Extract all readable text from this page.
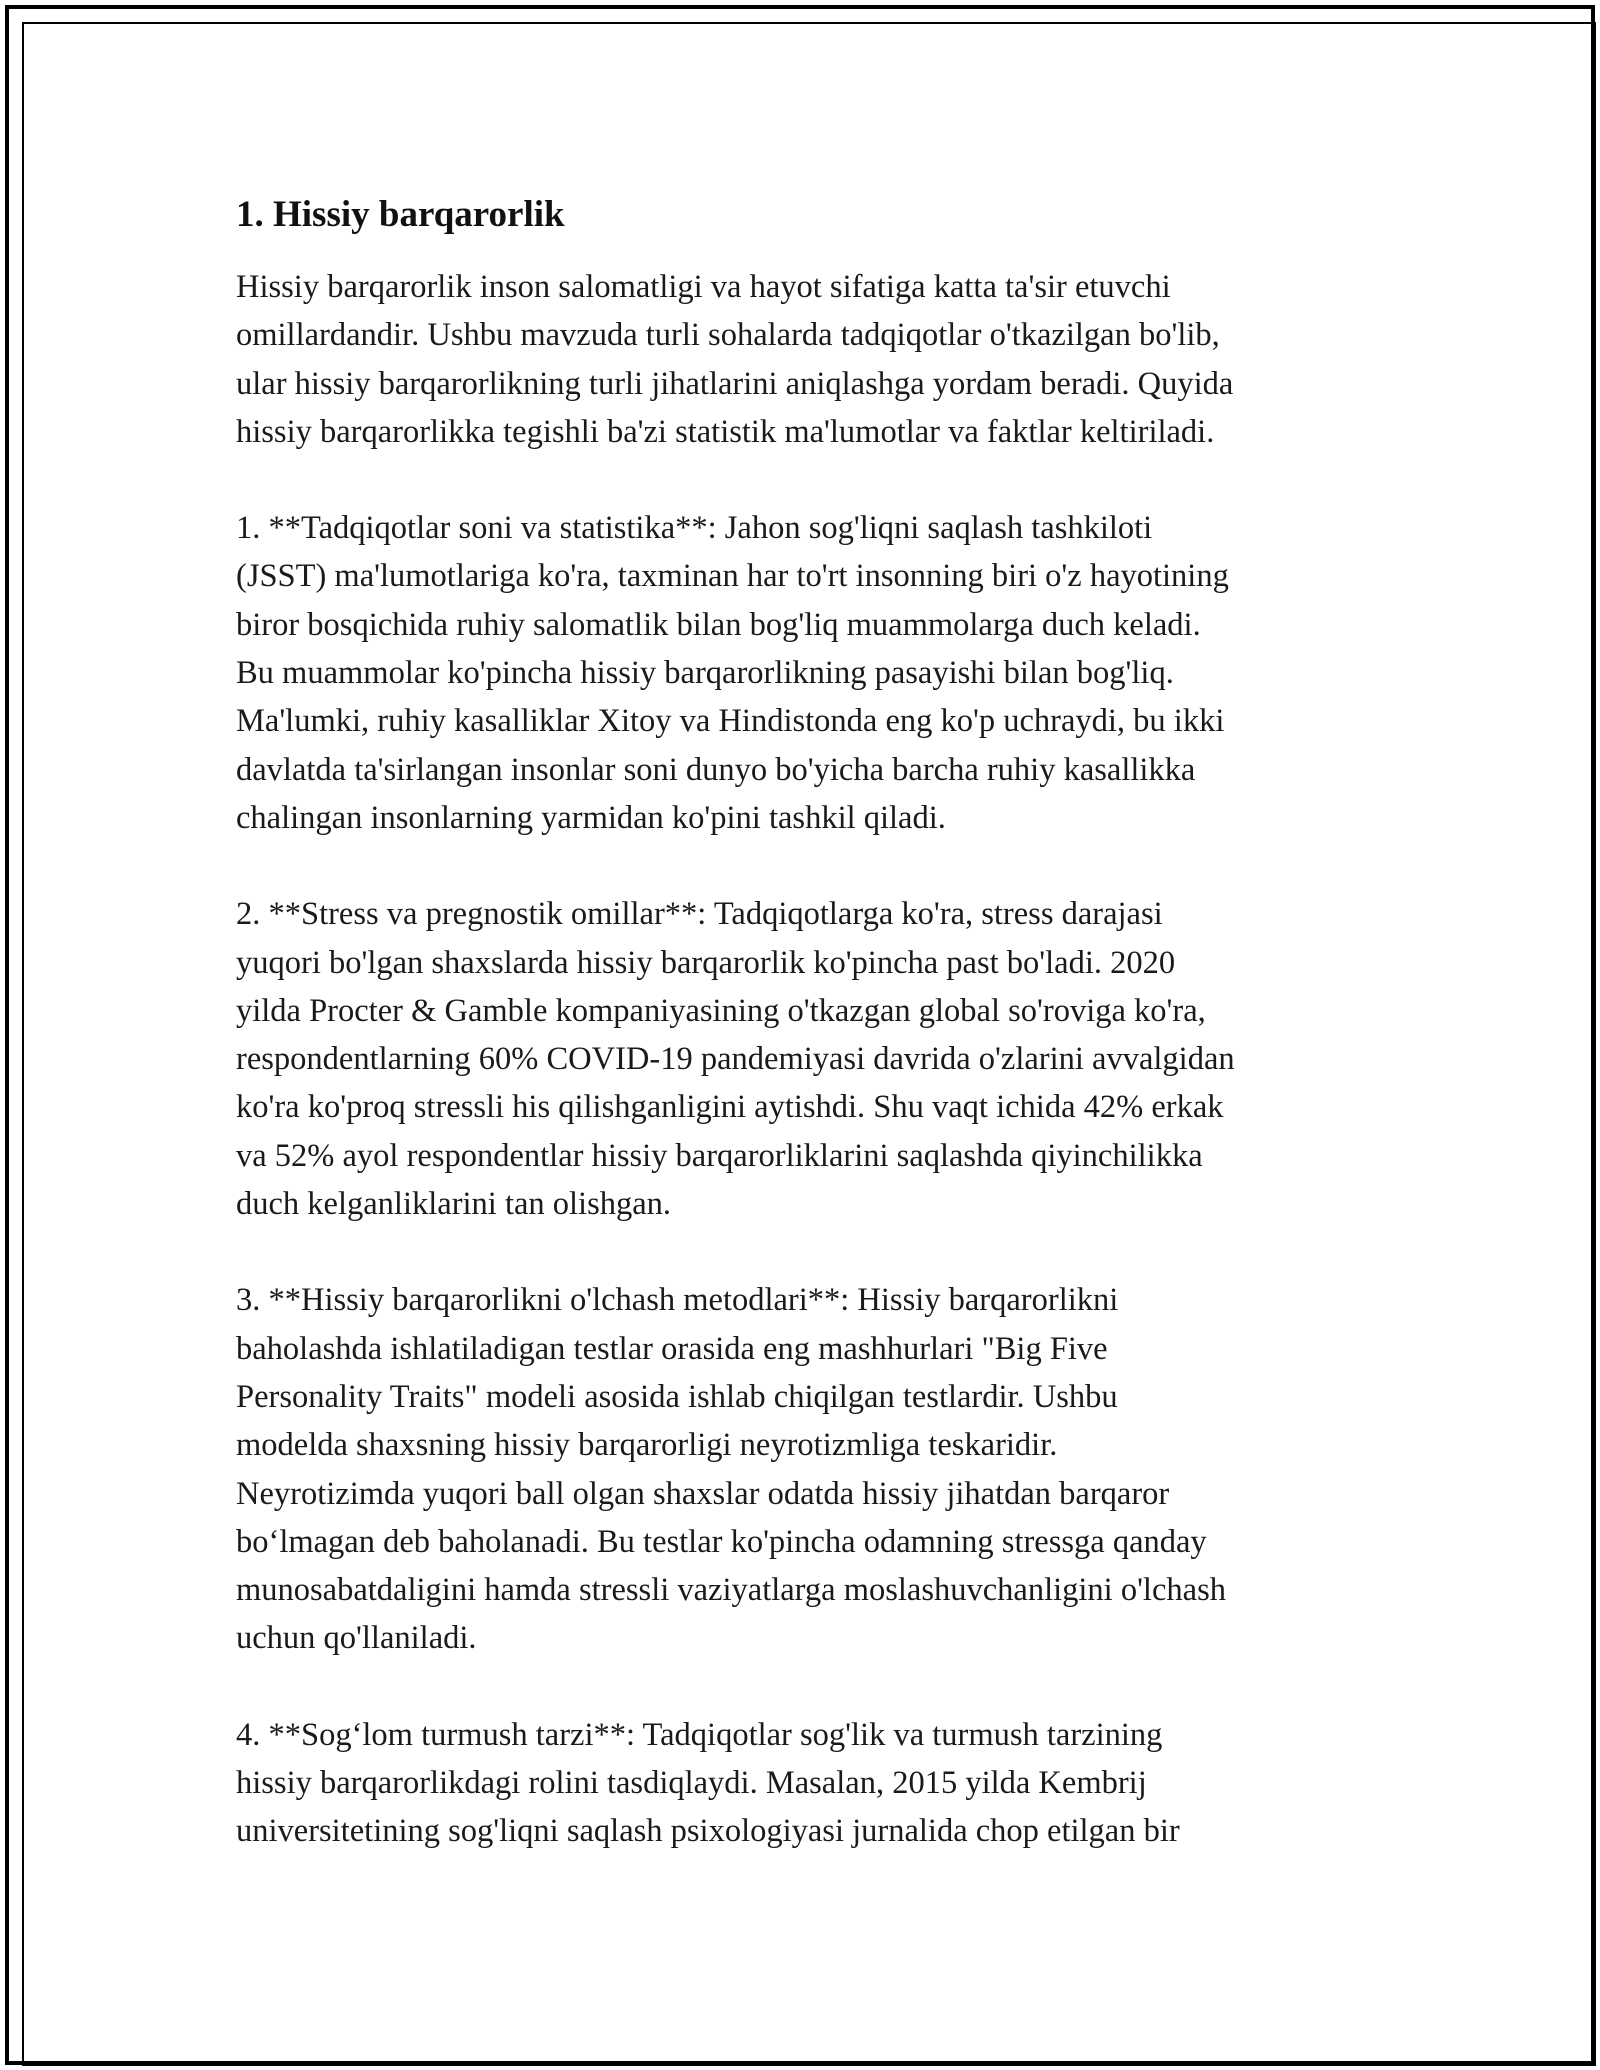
1. Hissiy barqarorlik

Hissiy barqarorlik inson salomatligi va hayot sifatiga katta ta'sir etuvchi
omillardandir. Ushbu mavzuda turli sohalarda tadqiqotlar o'tkazilgan bo'lib,
ular hissiy barqarorlikning turli jihatlarini aniqlashga yordam beradi. Quyida
hissiy barqarorlikka tegishli ba'zi statistik ma'lumotlar va faktlar keltiriladi.

1. **Tadqiqotlar soni va statistika**: Jahon sog'liqni saqlash tashkiloti
(JSST) ma'lumotlariga ko'ra, taxminan har to'rt insonning biri o'z hayotining
biror bosqichida ruhiy salomatlik bilan bog'liq muammolarga duch keladi.
Bu muammolar ko'pincha hissiy barqarorlikning pasayishi bilan bog'liq.
Ma'lumki, ruhiy kasalliklar Xitoy va Hindistonda eng ko'p uchraydi, bu ikki
davlatda ta'sirlangan insonlar soni dunyo bo'yicha barcha ruhiy kasallikka
chalingan insonlarning yarmidan ko'pini tashkil qiladi.

2. **Stress va pregnostik omillar**: Tadqiqotlarga ko'ra, stress darajasi
yuqori bo'lgan shaxslarda hissiy barqarorlik ko'pincha past bo'ladi. 2020
yilda Procter & Gamble kompaniyasining o'tkazgan global so'roviga ko'ra,
respondentlarning 60% COVID-19 pandemiyasi davrida o'zlarini avvalgidan
ko'ra ko'proq stressli his qilishganligini aytishdi. Shu vaqt ichida 42% erkak
va 52% ayol respondentlar hissiy barqarorliklarini saqlashda qiyinchilikka
duch kelganliklarini tan olishgan.

3. **Hissiy barqarorlikni o'lchash metodlari**: Hissiy barqarorlikni
baholashda ishlatiladigan testlar orasida eng mashhurlari "Big Five
Personality Traits" modeli asosida ishlab chiqilgan testlardir. Ushbu
modelda shaxsning hissiy barqarorligi neyrotizmliga teskaridir.
Neyrotizimda yuqori ball olgan shaxslar odatda hissiy jihatdan barqaror
bo‘lmagan deb baholanadi. Bu testlar ko'pincha odamning stressga qanday
munosabatdaligini hamda stressli vaziyatlarga moslashuvchanligini o'lchash
uchun qo'llaniladi.

4. **Sog‘lom turmush tarzi**: Tadqiqotlar sog'lik va turmush tarzining
hissiy barqarorlikdagi rolini tasdiqlaydi. Masalan, 2015 yilda Kembrij
universitetining sog'liqni saqlash psixologiyasi jurnalida chop etilgan bir
